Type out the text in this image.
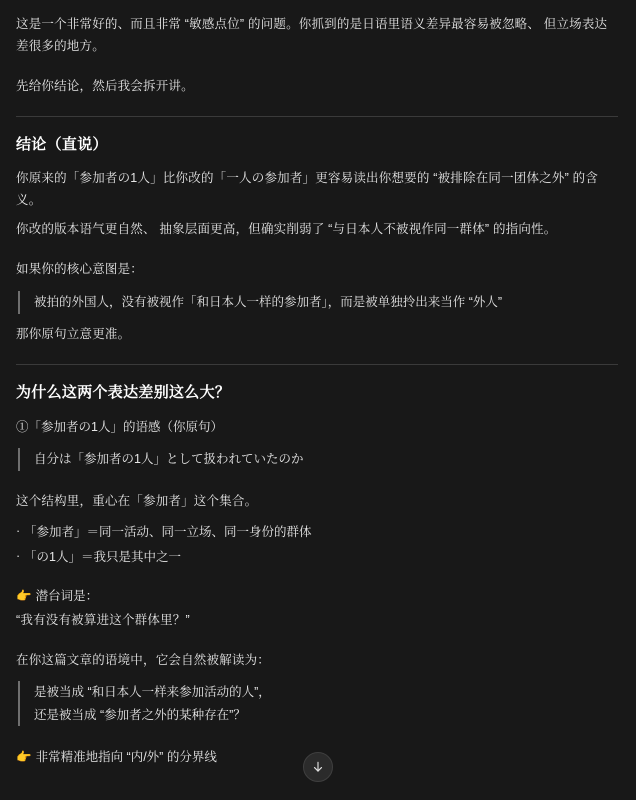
这是一个非常好的、而且非常 “敏感点位” 的问题。你抓到的是日语里语义差异最容易被忽略、 但立场表达差很多的地方。

先给你结论，然后我会拆开讲。

结论（直说）

你原来的「参加者の1人」比你改的「一人の参加者」更容易读出你想要的 “被排除在同一团体之外” 的含义。

你改的版本语气更自然、 抽象层面更高，但确实削弱了 “与日本人不被视作同一群体” 的指向性。

如果你的核心意图是：

被拍的外国人，没有被视作「和日本人一样的参加者」，而是被单独拎出来当作 “外人”

那你原句立意更准。

为什么这两个表达差别这么大？

①「参加者の1人」的语感（你原句）

自分は「参加者の1人」として扱われていたのか

这个结构里，重心在「参加者」这个集合。

· 「参加者」＝同一活动、同一立场、同一身份的群体
· 「の1人」＝我只是其中之一

👉 潜台词是：

“我有没有被算进这个群体里？”

在你这篇文章的语境中，它会自然被解读为：

是被当成 “和日本人一样来参加活动的人”，

还是被当成 “参加者之外的某种存在”？

👉 非常精准地指向 “内/外” 的分界线
